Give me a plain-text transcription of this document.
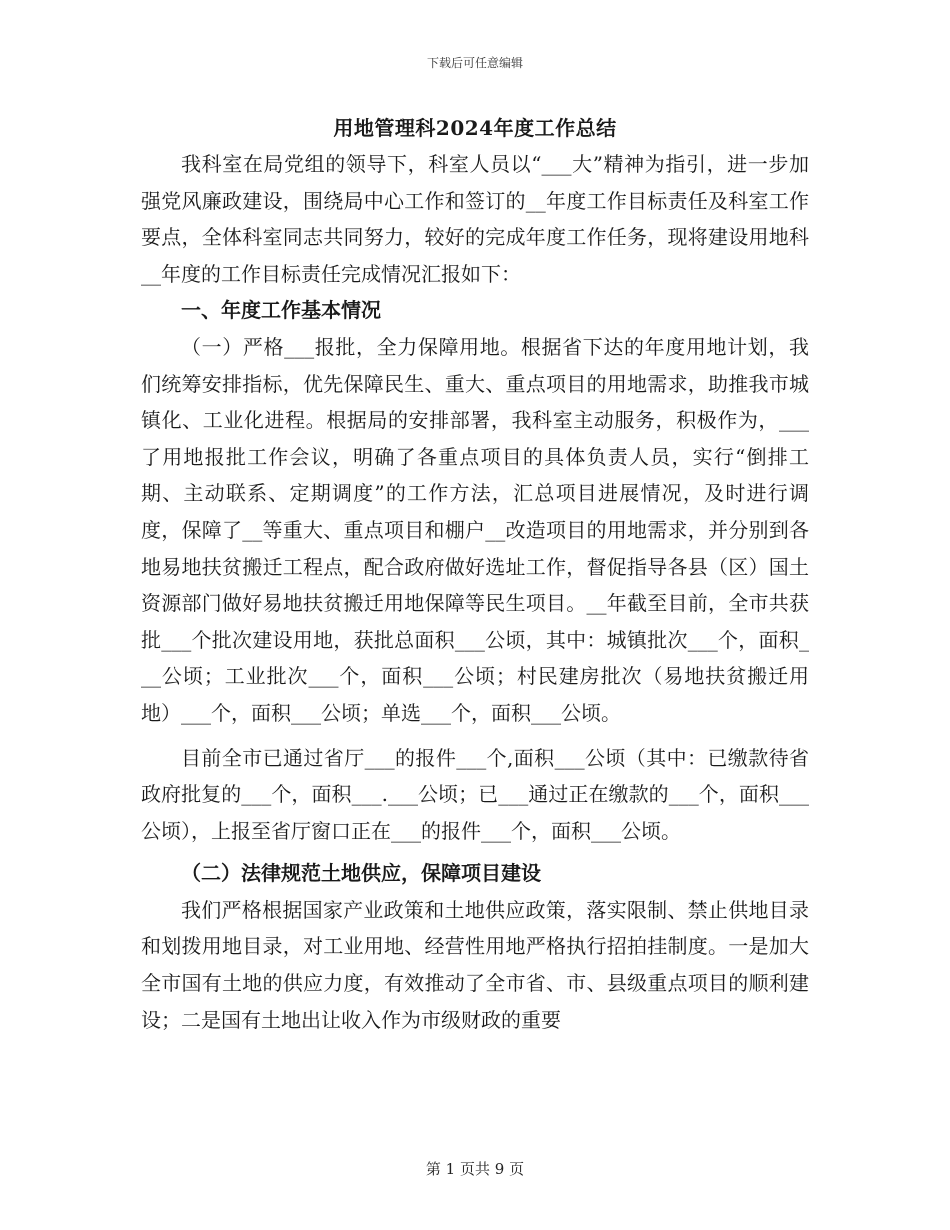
下载后可任意编辑
用地管理科2024年度工作总结

我科室在局党组的领导下，科室人员以“___大”精神为指引，进一步加强党风廉政建设，围绕局中心工作和签订的__年度工作目标责任及科室工作要点，全体科室同志共同努力，较好的完成年度工作任务，现将建设用地科__年度的工作目标责任完成情况汇报如下：

一、年度工作基本情况

（一）严格___报批，全力保障用地。根据省下达的年度用地计划，我们统筹安排指标，优先保障民生、重大、重点项目的用地需求，助推我市城镇化、工业化进程。根据局的安排部署，我科室主动服务，积极作为，___了用地报批工作会议，明确了各重点项目的具体负责人员，实行“倒排工期、主动联系、定期调度”的工作方法，汇总项目进展情况，及时进行调度，保障了__等重大、重点项目和棚户__改造项目的用地需求，并分别到各地易地扶贫搬迁工程点，配合政府做好选址工作，督促指导各县（区）国土资源部门做好易地扶贫搬迁用地保障等民生项目。__年截至目前，全市共获批___个批次建设用地，获批总面积___公顷，其中：城镇批次___个，面积___公顷；工业批次___个，面积___公顷；村民建房批次（易地扶贫搬迁用地）___个，面积___公顷；单选___个，面积___公顷。

目前全市已通过省厅___的报件___个,面积___公顷（其中：已缴款待省政府批复的___个，面积___.___公顷；已___通过正在缴款的___个，面积___公顷），上报至省厅窗口正在___的报件___个，面积___公顷。

（二）法律规范土地供应，保障项目建设

我们严格根据国家产业政策和土地供应政策，落实限制、禁止供地目录和划拨用地目录，对工业用地、经营性用地严格执行招拍挂制度。一是加大全市国有土地的供应力度，有效推动了全市省、市、县级重点项目的顺利建设；二是国有土地出让收入作为市级财政的重要

第 1 页共 9 页
